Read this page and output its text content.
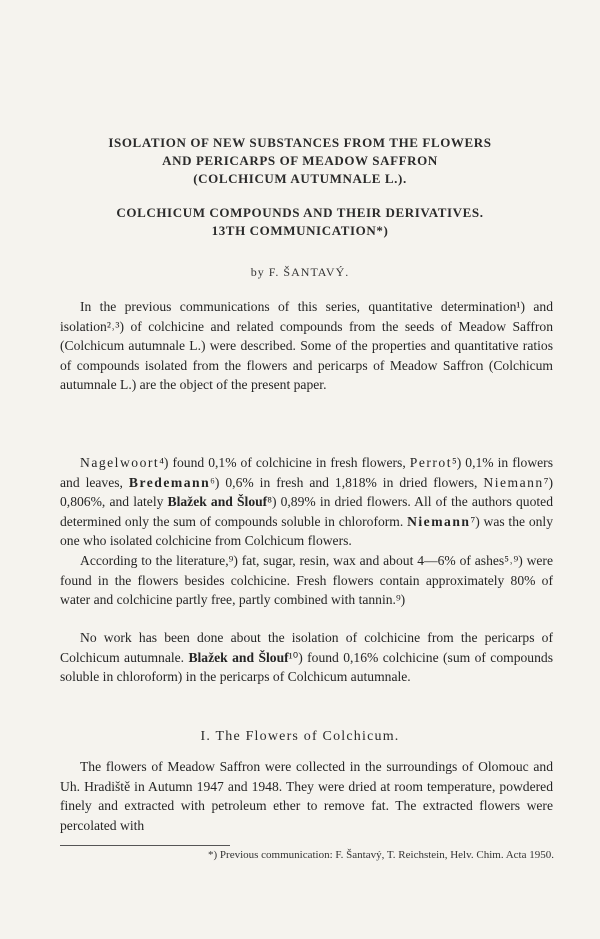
ISOLATION OF NEW SUBSTANCES FROM THE FLOWERS
AND PERICARPS OF MEADOW SAFFRON
(COLCHICUM AUTUMNALE L.).
COLCHICUM COMPOUNDS AND THEIR DERIVATIVES.
13TH COMMUNICATION*)
by F. ŠANTAVÝ.

In the previous communications of this series, quantitative determination¹) and isolation²˒³) of colchicine and related compounds from the seeds of Meadow Saffron (Colchicum autumnale L.) were described. Some of the properties and quantitative ratios of compounds isolated from the flowers and pericarps of Meadow Saffron (Colchicum autumnale L.) are the object of the present paper.

Nagelwoort⁴) found 0,1% of colchicine in fresh flowers, Perrot⁵) 0,1% in flowers and leaves, Bredemann⁶) 0,6% in fresh and 1,818% in dried flowers, Niemann⁷) 0,806%, and lately Blažek and Šlouf⁸) 0,89% in dried flowers. All of the authors quoted determined only the sum of compounds soluble in chloroform. Niemann⁷) was the only one who isolated colchicine from Colchicum flowers.

According to the literature,⁹) fat, sugar, resin, wax and about 4—6% of ashes⁵˒⁹) were found in the flowers besides colchicine. Fresh flowers contain approximately 80% of water and colchicine partly free, partly combined with tannin.⁹)

No work has been done about the isolation of colchicine from the pericarps of Colchicum autumnale. Blažek and Šlouf¹⁰) found 0,16% colchicine (sum of compounds soluble in chloroform) in the pericarps of Colchicum autumnale.

I. The Flowers of Colchicum.

The flowers of Meadow Saffron were collected in the surroundings of Olomouc and Uh. Hradiště in Autumn 1947 and 1948. They were dried at room temperature, powdered finely and extracted with petroleum ether to remove fat. The extracted flowers were percolated with

*) Previous communication: F. Šantavý, T. Reichstein, Helv. Chim. Acta 1950.
